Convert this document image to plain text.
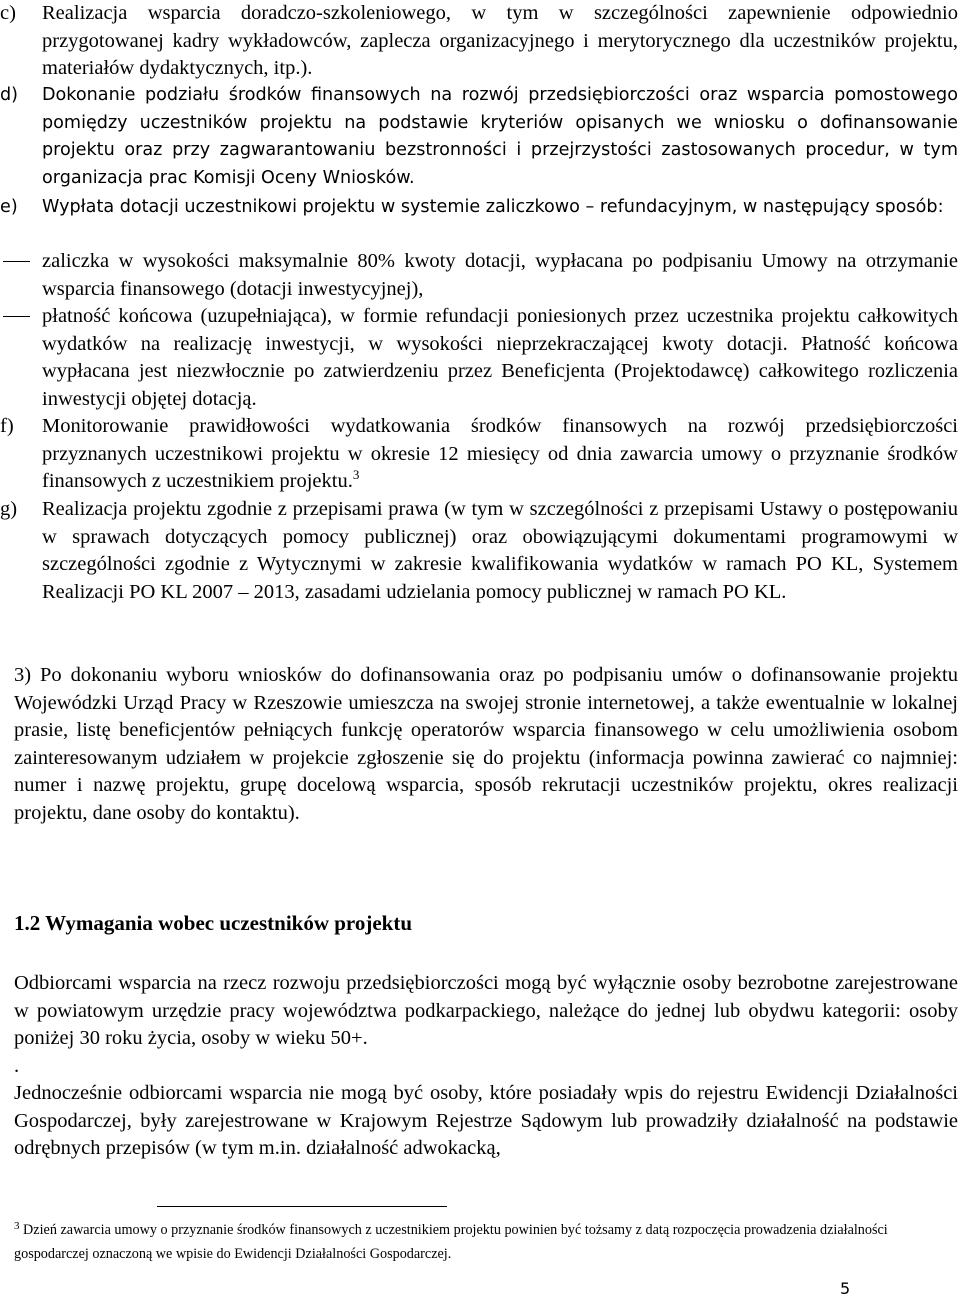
c) Realizacja wsparcia doradczo-szkoleniowego, w tym w szczególności zapewnienie odpowiednio przygotowanej kadry wykładowców, zaplecza organizacyjnego i merytorycznego dla uczestników projektu, materiałów dydaktycznych, itp.).
d) Dokonanie podziału środków finansowych na rozwój przedsiębiorczości oraz wsparcia pomostowego pomiędzy uczestników projektu na podstawie kryteriów opisanych we wniosku o dofinansowanie projektu oraz przy zagwarantowaniu bezstronności i przejrzystości zastosowanych procedur, w tym organizacja prac Komisji Oceny Wniosków.
e) Wypłata dotacji uczestnikowi projektu w systemie zaliczkowo – refundacyjnym, w następujący sposób:
zaliczka w wysokości maksymalnie 80% kwoty dotacji, wypłacana po podpisaniu Umowy na otrzymanie wsparcia finansowego (dotacji inwestycyjnej),
płatność końcowa (uzupełniająca), w formie refundacji poniesionych przez uczestnika projektu całkowitych wydatków na realizację inwestycji, w wysokości nieprzekraczającej kwoty dotacji. Płatność końcowa wypłacana jest niezwłocznie po zatwierdzeniu przez Beneficjenta (Projektodawcę) całkowitego rozliczenia inwestycji objętej dotacją.
f) Monitorowanie prawidłowości wydatkowania środków finansowych na rozwój przedsiębiorczości przyznanych uczestnikowi projektu w okresie 12 miesięcy od dnia zawarcia umowy o przyznanie środków finansowych z uczestnikiem projektu.$^3$
g) Realizacja projektu zgodnie z przepisami prawa (w tym w szczególności z przepisami Ustawy o postępowaniu w sprawach dotyczących pomocy publicznej) oraz obowiązującymi dokumentami programowymi w szczególności zgodnie z Wytycznymi w zakresie kwalifikowania wydatków w ramach PO KL, Systemem Realizacji PO KL 2007 – 2013, zasadami udzielania pomocy publicznej w ramach PO KL.
3) Po dokonaniu wyboru wniosków do dofinansowania oraz po podpisaniu umów o dofinansowanie projektu Wojewódzki Urząd Pracy w Rzeszowie umieszcza na swojej stronie internetowej, a także ewentualnie w lokalnej prasie, listę beneficjentów pełniących funkcję operatorów wsparcia finansowego w celu umożliwienia osobom zainteresowanym udziałem w projekcie zgłoszenie się do projektu (informacja powinna zawierać co najmniej: numer i nazwę projektu, grupę docelową wsparcia, sposób rekrutacji uczestników projektu, okres realizacji projektu, dane osoby do kontaktu).
1.2 Wymagania wobec uczestników projektu
Odbiorcami wsparcia na rzecz rozwoju przedsiębiorczości mogą być wyłącznie osoby bezrobotne zarejestrowane w powiatowym urzędzie pracy województwa podkarpackiego, należące do jednej lub obydwu kategorii: osoby poniżej 30 roku życia, osoby w wieku 50+.
.
Jednocześnie odbiorcami wsparcia nie mogą być osoby, które posiadały wpis do rejestru Ewidencji Działalności Gospodarczej, były zarejestrowane w Krajowym Rejestrze Sądowym lub prowadziły działalność na podstawie odrębnych przepisów (w tym m.in. działalność adwokacką,
$^3$ Dzień zawarcia umowy o przyznanie środków finansowych z uczestnikiem projektu powinien być tożsamy z datą rozpoczęcia prowadzenia działalności gospodarczej oznaczoną we wpisie do Ewidencji Działalności Gospodarczej.
5
